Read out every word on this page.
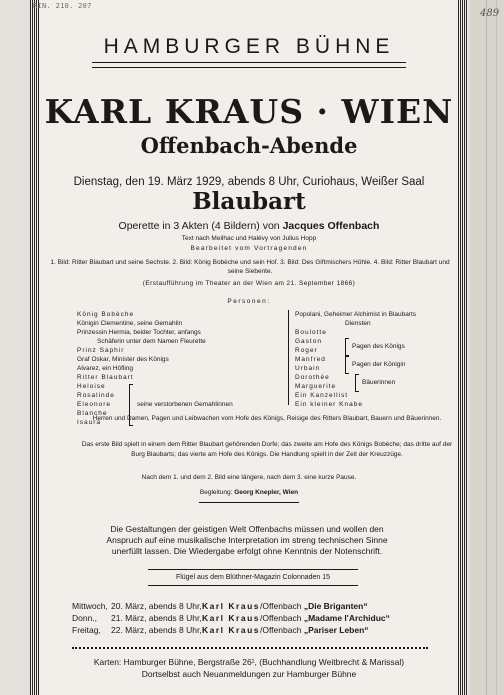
RIN. 210. 207
489
HAMBURGER BÜHNE
KARL KRAUS · WIEN
Offenbach-Abende
Dienstag, den 19. März 1929, abends 8 Uhr, Curiohaus, Weißer Saal
Blaubart
Operette in 3 Akten (4 Bildern) von Jacques Offenbach
Text nach Meilhac und Halévy von Julius Hopp
Bearbeitet vom Vortragenden
1. Bild: Ritter Blaubart und seine Sechste. 2. Bild: König Bobèche und sein Hof. 3. Bild: Des Giftmischers Höhle. 4. Bild: Ritter Blaubart und seine Siebente.
(Erstaufführung im Theater an der Wien am 21. September 1866)
Personen:
König Bobèche
Königin Clementine, seine Gemahlin
Prinzessin Hermia, beider Tochter, anfangs
Schäferin unter dem Namen Fleurette
Prinz Saphir
Graf Oskar, Minister des Königs
Alvarez, ein Höfling
Ritter Blaubart
Heloise
Rosalinde
Eleonore
Blanche
Isaura
seine verstorbenen Gemahlinnen
Popolani, Geheimer Alchimist in Blaubarts
Diensten
Boulotte
Gaston
Roger
Pagen des Königs
Manfred
Urbain
Pagen der Königin
Dorothée
Marguerite
Bäuerinnen
Ein Kanzellist
Ein kleiner Knabe
Herren und Damen, Pagen und Leibwachen vom Hofe des Königs, Reisige des Ritters Blaubart, Bauern und Bäuerinnen.
Das erste Bild spielt in einem dem Ritter Blaubart gehörenden Dorfe; das zweite am Hofe des Königs Bobèche; das dritte auf der Burg Blaubarts; das vierte am Hofe des Königs. Die Handlung spielt in der Zeit der Kreuzzüge.
Nach dem 1. und dem 2. Bild eine längere, nach dem 3. eine kurze Pause.
Begleitung: Georg Knepler, Wien
Die Gestaltungen der geistigen Welt Offenbachs müssen und wollen den Anspruch auf eine musikalische Interpretation im streng technischen Sinne unerfüllt lassen. Die Wiedergabe erfolgt ohne Kenntnis der Notenschrift.
Flügel aus dem Blüthner-Magazin Colonnaden 15
Mittwoch, 20. März, abends 8 Uhr,Karl Kraus/Offenbach „Die Briganten“
Donn., 21. März, abends 8 Uhr,Karl Kraus/Offenbach „Madame l'Archiduc“
Freitag, 22. März, abends 8 Uhr,Karl Kraus/Offenbach „Pariser Leben“
Karten: Hamburger Bühne, Bergstraße 26¹, (Buchhandlung Weitbrecht & Marissal)
Dortselbst auch Neuanmeldungen zur Hamburger Bühne
